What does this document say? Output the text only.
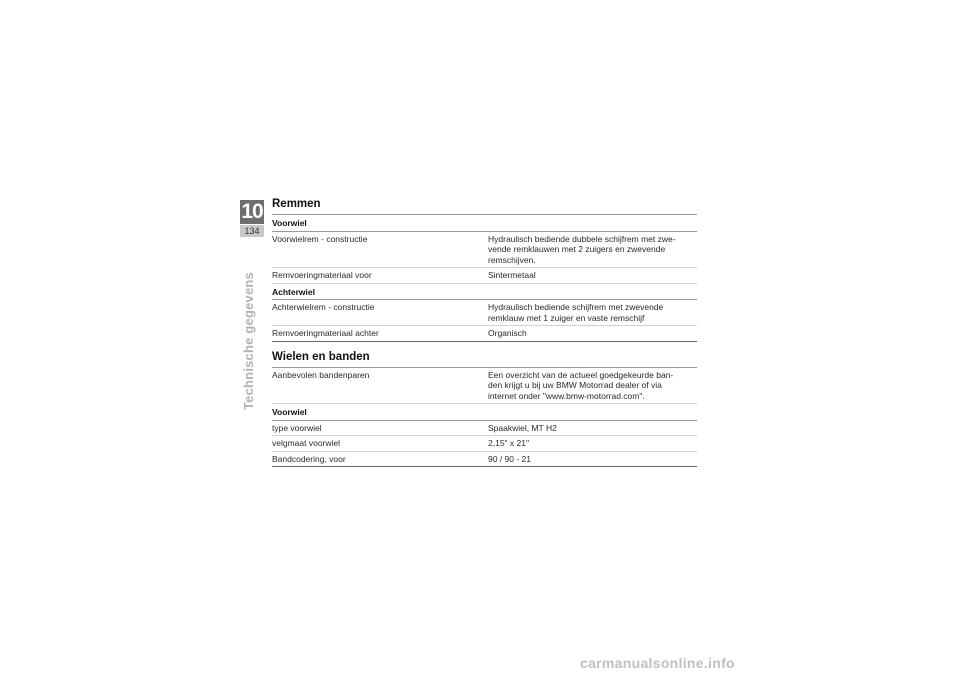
10
134
Technische gegevens
Remmen
Voorwiel	
Voorwielrem - constructie	Hydraulisch bediende dubbele schijfrem met zwe-
vende remklauwen met 2 zuigers en zwevende
remschijven.
Remvoeringmateriaal voor	Sintermetaal
Achterwiel	
Achterwielrem - constructie	Hydraulisch bediende schijfrem met zwevende
remklauw met 1 zuiger en vaste remschijf
Remvoeringmateriaal achter	Organisch
Wielen en banden
Aanbevolen bandenparen	Een overzicht van de actueel goedgekeurde ban-
den krijgt u bij uw BMW Motorrad dealer of via
internet onder "www.bmw-motorrad.com".
Voorwiel	
type voorwiel	Spaakwiel, MT H2
velgmaat voorwiel	2,15" x 21"
Bandcodering, voor	90 / 90 - 21
carmanualsonline.info
